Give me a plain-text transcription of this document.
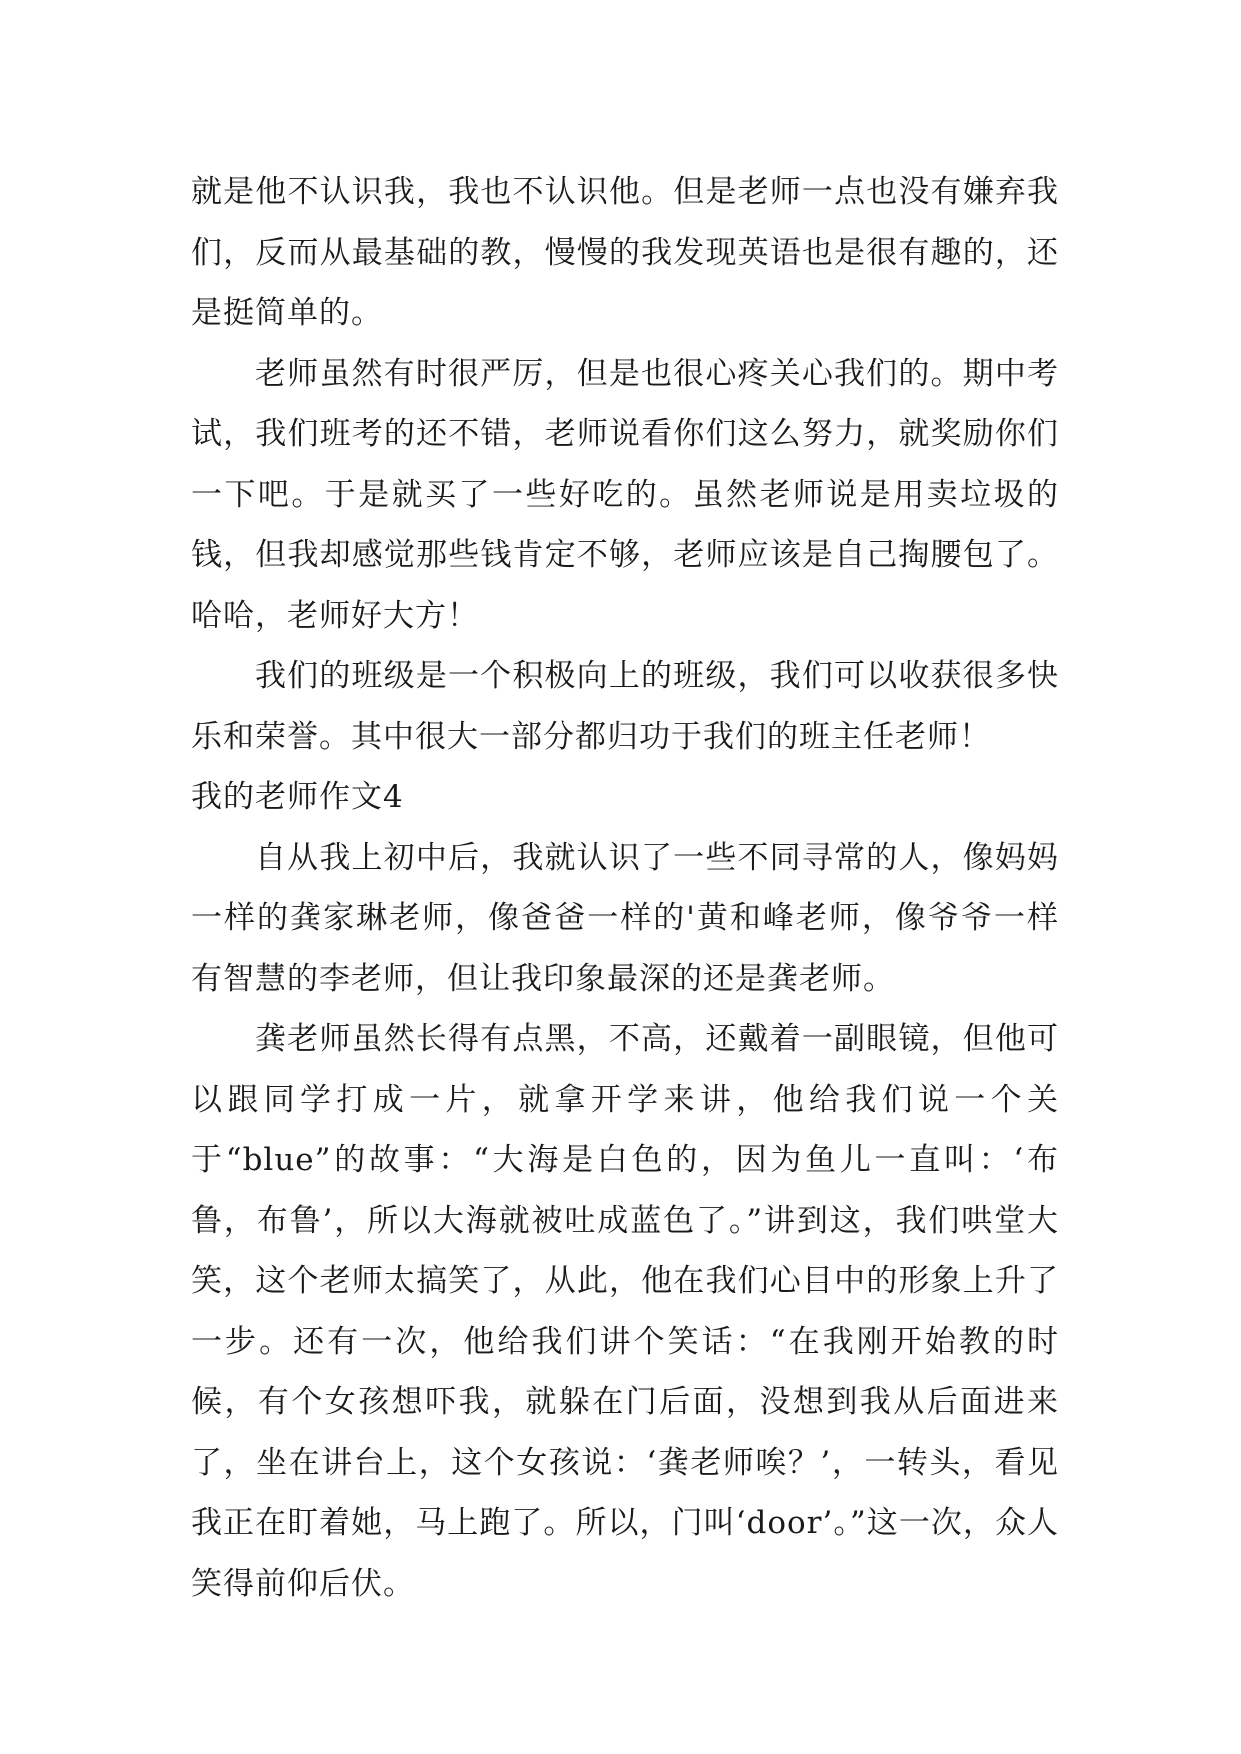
就是他不认识我，我也不认识他。但是老师一点也没有嫌弃我们，反而从最基础的教，慢慢的我发现英语也是很有趣的，还是挺简单的。

老师虽然有时很严厉，但是也很心疼关心我们的。期中考试，我们班考的还不错，老师说看你们这么努力，就奖励你们一下吧。于是就买了一些好吃的。虽然老师说是用卖垃圾的钱，但我却感觉那些钱肯定不够，老师应该是自己掏腰包了。哈哈，老师好大方！

我们的班级是一个积极向上的班级，我们可以收获很多快乐和荣誉。其中很大一部分都归功于我们的班主任老师！

我的老师作文4

自从我上初中后，我就认识了一些不同寻常的人，像妈妈一样的龚家琳老师，像爸爸一样的'黄和峰老师，像爷爷一样有智慧的李老师，但让我印象最深的还是龚老师。

龚老师虽然长得有点黑，不高，还戴着一副眼镜，但他可以跟同学打成一片，就拿开学来讲，他给我们说一个关于“blue”的故事：“大海是白色的，因为鱼儿一直叫：‘布鲁，布鲁’，所以大海就被吐成蓝色了。”讲到这，我们哄堂大笑，这个老师太搞笑了，从此，他在我们心目中的形象上升了一步。还有一次，他给我们讲个笑话：“在我刚开始教的时候，有个女孩想吓我，就躲在门后面，没想到我从后面进来了，坐在讲台上，这个女孩说：‘龚老师唉？’，一转头，看见我正在盯着她，马上跑了。所以，门叫‘door’。”这一次，众人笑得前仰后伏。
